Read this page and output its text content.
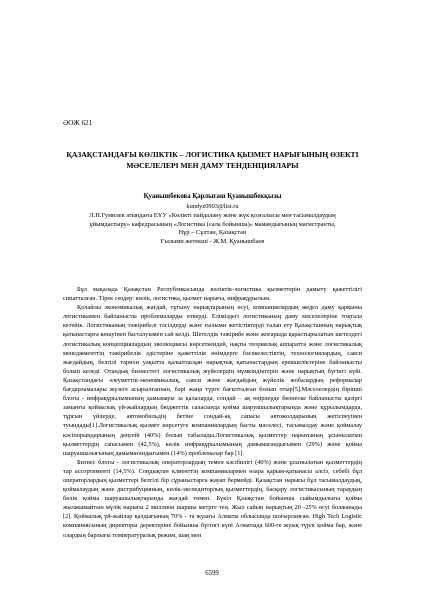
ӘОЖ 621
ҚАЗАҚСТАНДАҒЫ КӨЛІКТІК – ЛОГИСТИКА ҚЫЗМЕТ НАРЫҒЫНЫҢ ӨЗЕКТІ МӘСЕЛЕЛЕРІ МЕН ДАМУ ТЕНДЕНЦИЯЛАРЫ
Қуанышбекова Қарлығаш Қуанышбекқызы
kundyz0903@list.ru
Л.Н.Гумилев атындағы ЕҰУ «Көлікті пайдалану және жүк қозғалысы мен тасымалдаудың
ұйымдастыру» кафедрасының «Логистика (сала бойынша)» мамандығының магистранты,
Нұр – Сұлтан, Қазақстан
Ғылыми жетекші - Ж.М. Қуанышбаев

Бұл мақалада Қазақстан Республикасында көліктік-логистика қызметтерін дамыту қажеттілігі сипатталған. Тірек сөздер: көлік, логистика, қызмет нарығы, инфрақұрылым.

Қолайлы экономикалық жағдай, тұтыну нарықтарының өсуі, компаниялардың жедел даму қарқыны логистикамен байланысты проблемаларды өткерді. Еліміздегі логистиканың даму мәселелеріне тоқтала кетейік. Логистиканың тәжірибелі тәсілдерді және ғылыми жетістіктерді талап ету Қазақстанның нарықтық қатынастарға көшуінен басталуымен сай келді. Шетелдік тәжірибе және жоғарыда қарастырылатын шетелдегі логистикалық концепциялардың эволюциясы көрсеткендей, нақты теориялық аппаратта және логистикалық менеджменттің тәжірибелік әдістеріне қажеттілік өнімдерге бәсекелестіктің, технологиялардың, саяси жағдайдың, белгілі тарихи уақытта қалыптасқан нарықтық қатынастардың ерекшеліктеріне байланысты болып келеді. Отандық бизнестегі логистикалық жүйелердің мүмкіндіктерін және нарықтың бүгінгі күйі. Қазақстандағы әлеуметтік-экономикалық, саяси және жағдайдың жүйелік жобалардың реформалар бағдарламалары жүзеге асырылғаннан, бәрі жаңа түрге бағытталған болып отыр[5].Мәселелердің бірінші блогы - инфрақұрылымының дамымауы за қалаларда, сондай – ақ өңірлерде бизнеске байланысты қазіргі заманғы қоймалық үй-жайлардың бюджеттік саласында қойма шаруашылықтарында және құрылымдарда, тұрғын үйлерде, автомобильдің бетіне сондай-ақ сапасы автожолдарының жетіспеуінен туындады[1].Логистикалық қызмет көрсетуге компаниялардың басты мәселесі, тасымалдау және қоймалау кәсіпорындарының деңгейі (40%) болып табылады.Логистикалық қызметтер нарығының ұсынылатын қызметтердің сапасымен (42,5%), көлік инфрақұрылымының дамымағандығымен (29%) және қойма шаруашылығының дамымағандығымен (14%) проблемалар бар [1].

Бизнес блогы - логистикалық операторлардың темен кәсібилігі (40%) және ұсынылатын қызметтердің тар ассортименті (14,5%). Соңдықтан клиенттің компаниялармен өзара қарым-қатынасы алсіз, себебі бұл операторлардың қызметтері белгілі бір сұраныстарға жауап бермейді. Қазақстан нарығы бұл тасымалдаудың, қоймалаудың және дистрибуцияның, көлік-экспедиторлық қызметтердің, басқару логистикасының тараудың бөлік қойма шаруашылықтарында жағдай төмен. Бүкіл Қазақстан бойынша сыйымдылығы қойма жылжымайтын мүлік нарығы 2 миллион шаршы метрге тең. Жыл сайын нарықтың 20 -25% өсуі болжанады [2]. Қоймалық үй-жайлар қалдығының 70% - та жуығы Алматы облысында шоғырланған. High Tech Logistic компаниясының директоры деректеріне бойынша бүгінгі күні Алматыда 600-ге жуық түрлі қойма бар, және олардың барлығы температуралық режим, шаң мен

6599
